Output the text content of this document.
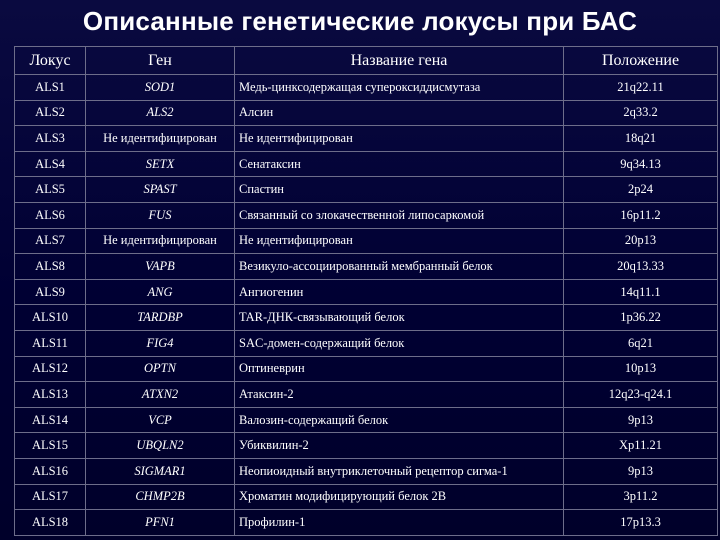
Описанные генетические локусы при БАС
Локус	Ген	Название гена	Положение
ALS1	SOD1	Медь-цинксодержащая супероксиддисмутаза	21q22.11
ALS2	ALS2	Алсин	2q33.2
ALS3	Не идентифицирован	Не идентифицирован	18q21
ALS4	SETX	Сенатаксин	9q34.13
ALS5	SPAST	Спастин	2p24
ALS6	FUS	Связанный со злокачественной липосаркомой	16p11.2
ALS7	Не идентифицирован	Не идентифицирован	20p13
ALS8	VAPB	Везикуло-ассоциированный мембранный белок	20q13.33
ALS9	ANG	Ангиогенин	14q11.1
ALS10	TARDBP	TAR-ДНК-связывающий белок	1p36.22
ALS11	FIG4	SAC-домен-содержащий белок	6q21
ALS12	OPTN	Оптиневрин	10p13
ALS13	ATXN2	Атаксин-2	12q23-q24.1
ALS14	VCP	Валозин-содержащий белок	9p13
ALS15	UBQLN2	Убиквилин-2	Xp11.21
ALS16	SIGMAR1	Неопиоидный внутриклеточный рецептор сигма-1	9p13
ALS17	CHMP2B	Хроматин модифицирующий белок 2В	3p11.2
ALS18	PFN1	Профилин-1	17p13.3
